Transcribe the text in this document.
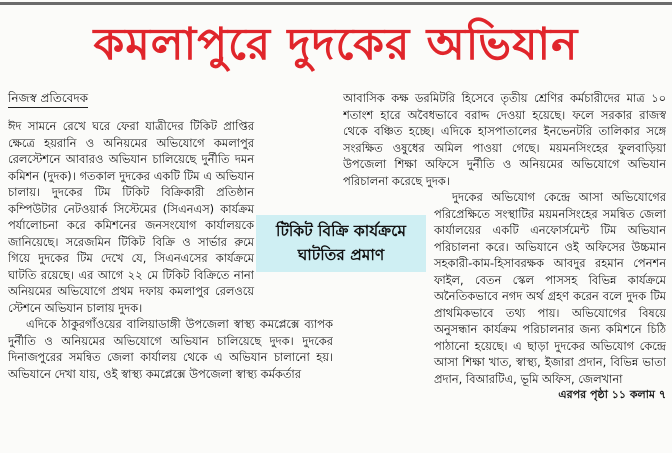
কমলাপুরে দুদকের অভিযান
নিজস্ব প্রতিবেদক

ঈদ সামনে রেখে ঘরে ফেরা যাত্রীদের টিকিট প্রাপ্তির ক্ষেত্রে হয়রানি ও অনিয়মের অভিযোগে কমলাপুর রেলস্টেশনে আবারও অভিযান চালিয়েছে দুর্নীতি দমন কমিশন (দুদক)। গতকাল দুদকের একটি টিম এ অভিযান চালায়। দুদকের টিম টিকিট বিক্রিকারী প্রতিষ্ঠান কম্পিউটার নেটওয়ার্ক সিস্টেমের (সিএনএস) কার্যক্রম পর্যালোচনা করে কমিশনের জনসংযোগ কার্যালয়কে জানিয়েছে। সরেজমিন টিকিট বিক্রি ও সার্ভার রুমে গিয়ে দুদকের টিম দেখে যে, সিএনএসের কার্যক্রমে ঘাটতি রয়েছে। এর আগে ২২ মে টিকিট বিক্রিতে নানা অনিয়মের অভিযোগে প্রথম দফায় কমলাপুর রেলওয়ে স্টেশনে অভিযান চালায় দুদক।

এদিকে ঠাকুরগাঁওয়ের বালিয়াডাঙ্গী উপজেলা স্বাস্থ্য কমপ্লেক্সে ব্যাপক দুর্নীতি ও অনিয়মের অভিযোগে অভিযান চালিয়েছে দুদক। দুদকের দিনাজপুরের সমন্বিত জেলা কার্যালয় থেকে এ অভিযান চালানো হয়। অভিযানে দেখা যায়, ওই স্বাস্থ্য কমপ্লেক্সে উপজেলা স্বাস্থ্য কর্মকর্তার

আবাসিক কক্ষ ডরমিটরি হিসেবে তৃতীয় শ্রেণির কর্মচারীদের মাত্র ১০ শতাংশ হারে অবৈধভাবে বরাদ্দ দেওয়া হয়েছে। ফলে সরকার রাজস্ব থেকে বঞ্চিত হচ্ছে। এদিকে হাসপাতালের ইনভেনটরি তালিকার সঙ্গে সংরক্ষিত ওষুধের অমিল পাওয়া গেছে। ময়মনসিংহের ফুলবাড়িয়া উপজেলা শিক্ষা অফিসে দুর্নীতি ও অনিয়মের অভিযোগে অভিযান পরিচালনা করেছে দুদক।

দুদকের অভিযোগ কেন্দ্রে আসা অভিযোগের পরিপ্রেক্ষিতে সংস্থাটির ময়মনসিংহের সমন্বিত জেলা কার্যালয়ের একটি এনফোর্সমেন্ট টিম অভিযান পরিচালনা করে। অভিযানে ওই অফিসের উচ্চমান সহকারী-কাম-হিসাবরক্ষক আবদুর রহমান পেনশন ফাইল, বেতন স্কেল পাসসহ বিভিন্ন কার্যক্রমে অনৈতিকভাবে নগদ অর্থ গ্রহণ করেন বলে দুদক টিম প্রাথমিকভাবে তথ্য পায়। অভিযোগের বিষয়ে অনুসন্ধান কার্যক্রম পরিচালনার জন্য কমিশনে চিঠি পাঠানো হয়েছে। এ ছাড়া দুদকের অভিযোগ কেন্দ্রে আসা শিক্ষা খাত, স্বাস্থ্য, ইজারা প্রদান, বিভিন্ন ভাতা প্রদান, বিআরটিএ, ভূমি অফিস, জেলখানা
এরপর পৃষ্ঠা ১১ কলাম ৭

টিকিট বিক্রি কার্যক্রমে
ঘাটতির প্রমাণ
